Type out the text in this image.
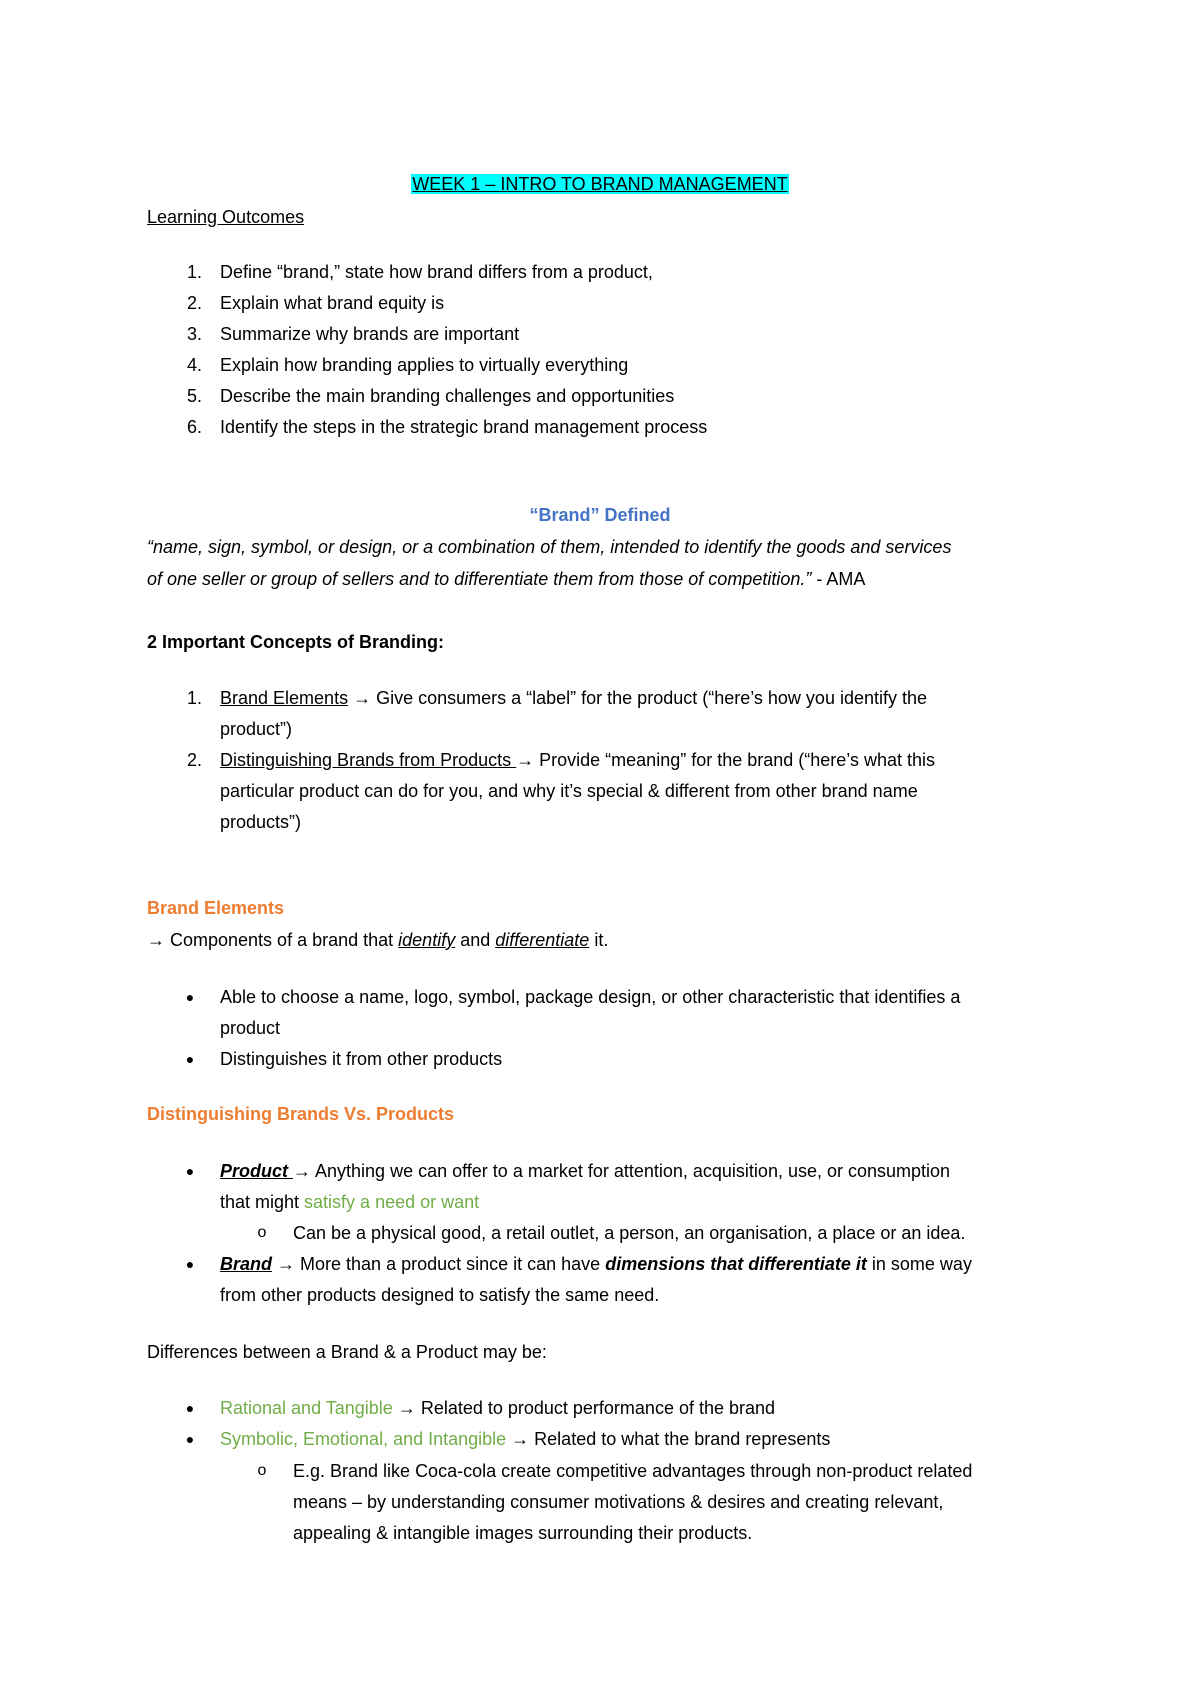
WEEK 1 – INTRO TO BRAND MANAGEMENT
Learning Outcomes
1. Define “brand,” state how brand differs from a product,
2. Explain what brand equity is
3. Summarize why brands are important
4. Explain how branding applies to virtually everything
5. Describe the main branding challenges and opportunities
6. Identify the steps in the strategic brand management process
“Brand” Defined
“name, sign, symbol, or design, or a combination of them, intended to identify the goods and services
of one seller or group of sellers and to differentiate them from those of competition.” - AMA
2 Important Concepts of Branding:
1. Brand Elements → Give consumers a “label” for the product (“here’s how you identify the
product”)
2. Distinguishing Brands from Products → Provide “meaning” for the brand (“here’s what this
particular product can do for you, and why it’s special & different from other brand name
products”)
Brand Elements
→ Components of a brand that identify and differentiate it.
●	Able to choose a name, logo, symbol, package design, or other characteristic that identifies a
product
●	Distinguishes it from other products
Distinguishing Brands Vs. Products
●	Product → Anything we can offer to a market for attention, acquisition, use, or consumption
that might satisfy a need or want
o	Can be a physical good, a retail outlet, a person, an organisation, a place or an idea.
●	Brand → More than a product since it can have dimensions that differentiate it in some way
from other products designed to satisfy the same need.
Differences between a Brand & a Product may be:
●	Rational and Tangible → Related to product performance of the brand
●	Symbolic, Emotional, and Intangible → Related to what the brand represents
o	E.g. Brand like Coca-cola create competitive advantages through non-product related
means – by understanding consumer motivations & desires and creating relevant,
appealing & intangible images surrounding their products.
